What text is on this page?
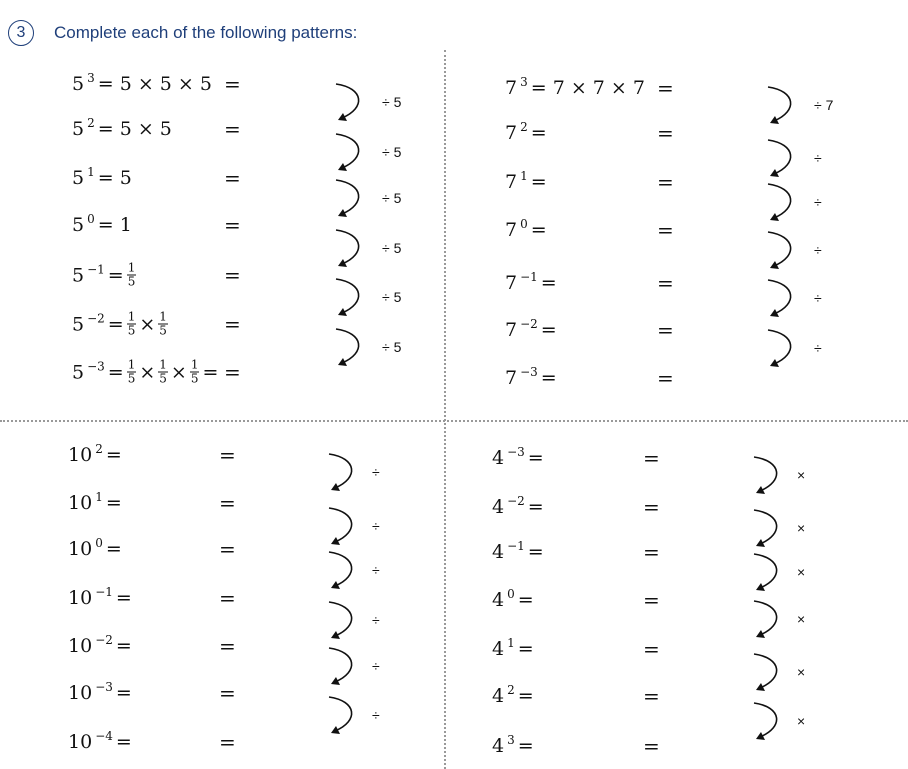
3	Complete each of the following patterns:
5 $^3$ = 5 × 5 × 5 =
5 $^2$ = 5 × 5	=
5 $^1$ = 5	=
5 $^0$ = 1	=
5 $^{-1} = \frac{1}{5}$	=
5 $^{-2} = \frac{1}{5} \times \frac{1}{5}$	=
5 $^{-3} = \frac{1}{5} \times \frac{1}{5} \times \frac{1}{5}$ = =
÷ 5
÷ 5
÷ 5
÷ 5
÷ 5
÷ 5
7 $^3$ = 7 × 7 × 7 =
7 $^2$ =	=
7 $^1$ =	=
7 $^0$ =	=
7 $^{-1}$ =	=
7 $^{-2}$ =	=
7 $^{-3}$ =	=
÷ 7
÷
÷
÷
÷
÷
10 $^2$ =	=
10 $^1$ =	=
10 $^0$ =	=
10 $^{-1}$ =	=
10 $^{-2}$ =	=
10 $^{-3}$ =	=
10 $^{-4}$ =	=
÷
÷
÷
÷
÷
÷
4 $^{-3}$ =	=
4 $^{-2}$ =	=
4 $^{-1}$ =	=
4 $^0$ =	=
4 $^1$ =	=
4 $^2$ =	=
4 $^3$ =	=
×
×
×
×
×
×
